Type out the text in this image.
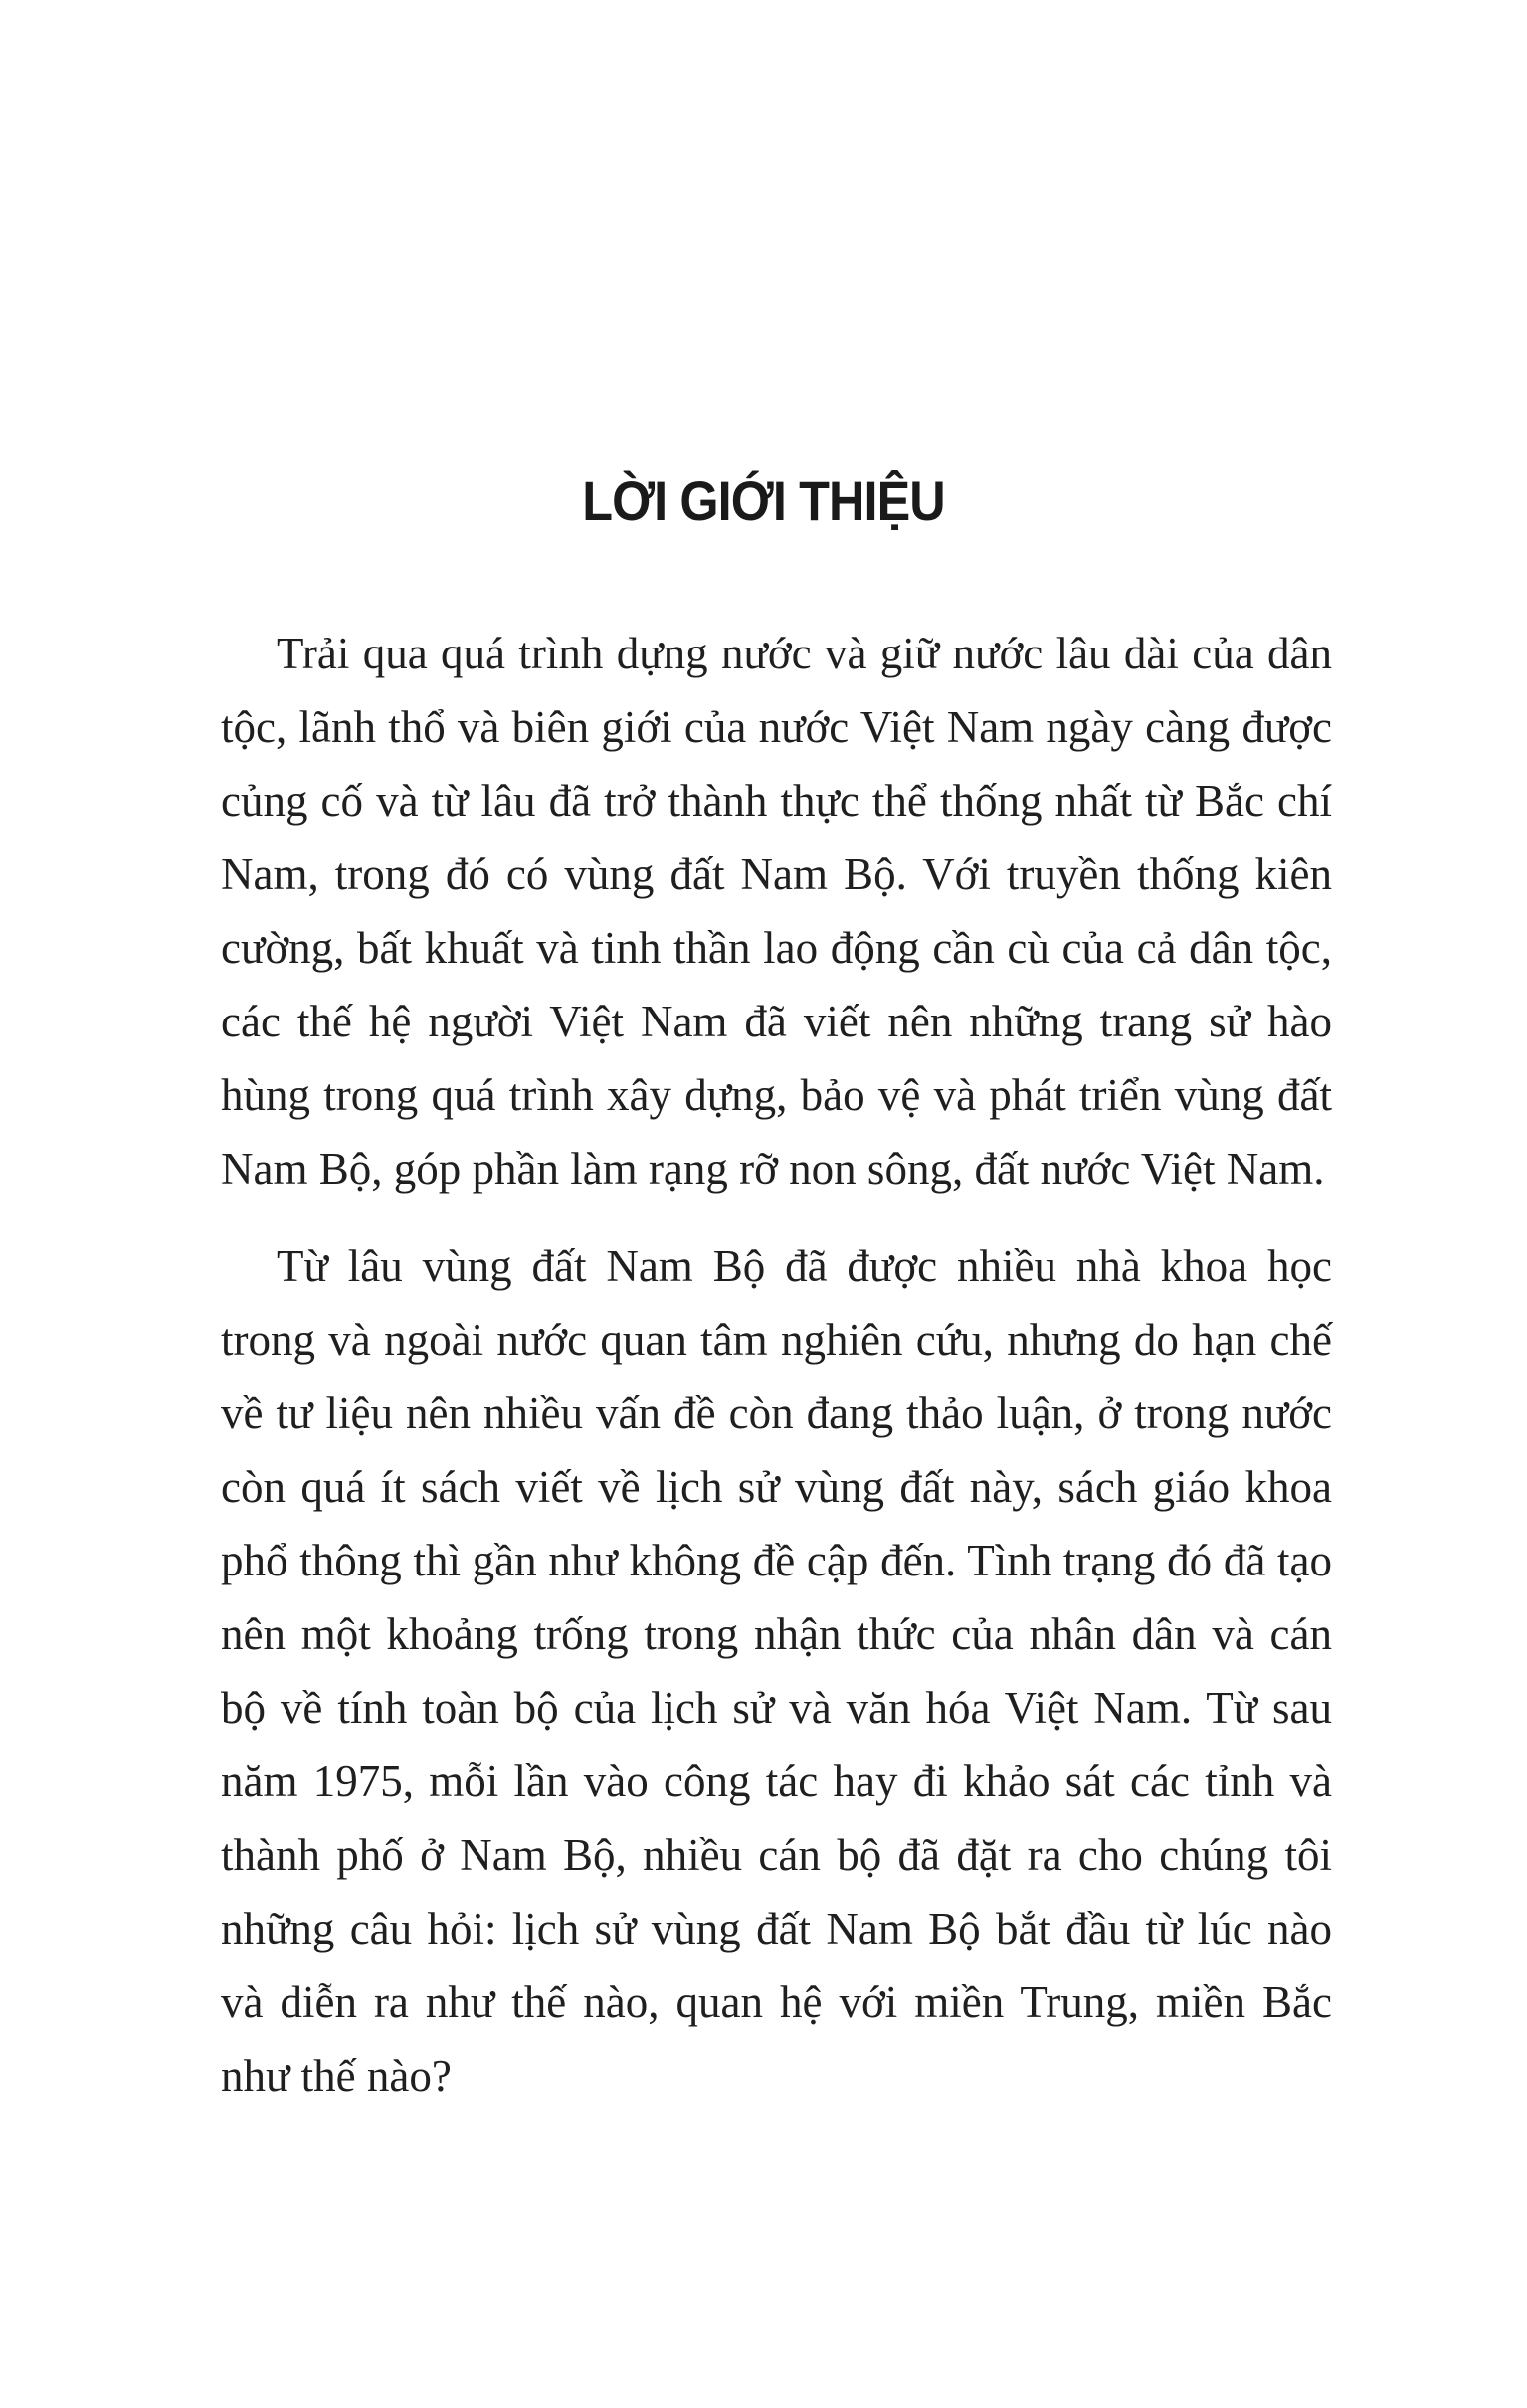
LỜI GIỚI THIỆU

Trải qua quá trình dựng nước và giữ nước lâu dài của dân tộc, lãnh thổ và biên giới của nước Việt Nam ngày càng được củng cố và từ lâu đã trở thành thực thể thống nhất từ Bắc chí Nam, trong đó có vùng đất Nam Bộ. Với truyền thống kiên cường, bất khuất và tinh thần lao động cần cù của cả dân tộc, các thế hệ người Việt Nam đã viết nên những trang sử hào hùng trong quá trình xây dựng, bảo vệ và phát triển vùng đất Nam Bộ, góp phần làm rạng rỡ non sông, đất nước Việt Nam.

Từ lâu vùng đất Nam Bộ đã được nhiều nhà khoa học trong và ngoài nước quan tâm nghiên cứu, nhưng do hạn chế về tư liệu nên nhiều vấn đề còn đang thảo luận, ở trong nước còn quá ít sách viết về lịch sử vùng đất này, sách giáo khoa phổ thông thì gần như không đề cập đến. Tình trạng đó đã tạo nên một khoảng trống trong nhận thức của nhân dân và cán bộ về tính toàn bộ của lịch sử và văn hóa Việt Nam. Từ sau năm 1975, mỗi lần vào công tác hay đi khảo sát các tỉnh và thành phố ở Nam Bộ, nhiều cán bộ đã đặt ra cho chúng tôi những câu hỏi: lịch sử vùng đất Nam Bộ bắt đầu từ lúc nào và diễn ra như thế nào, quan hệ với miền Trung, miền Bắc như thế nào?
